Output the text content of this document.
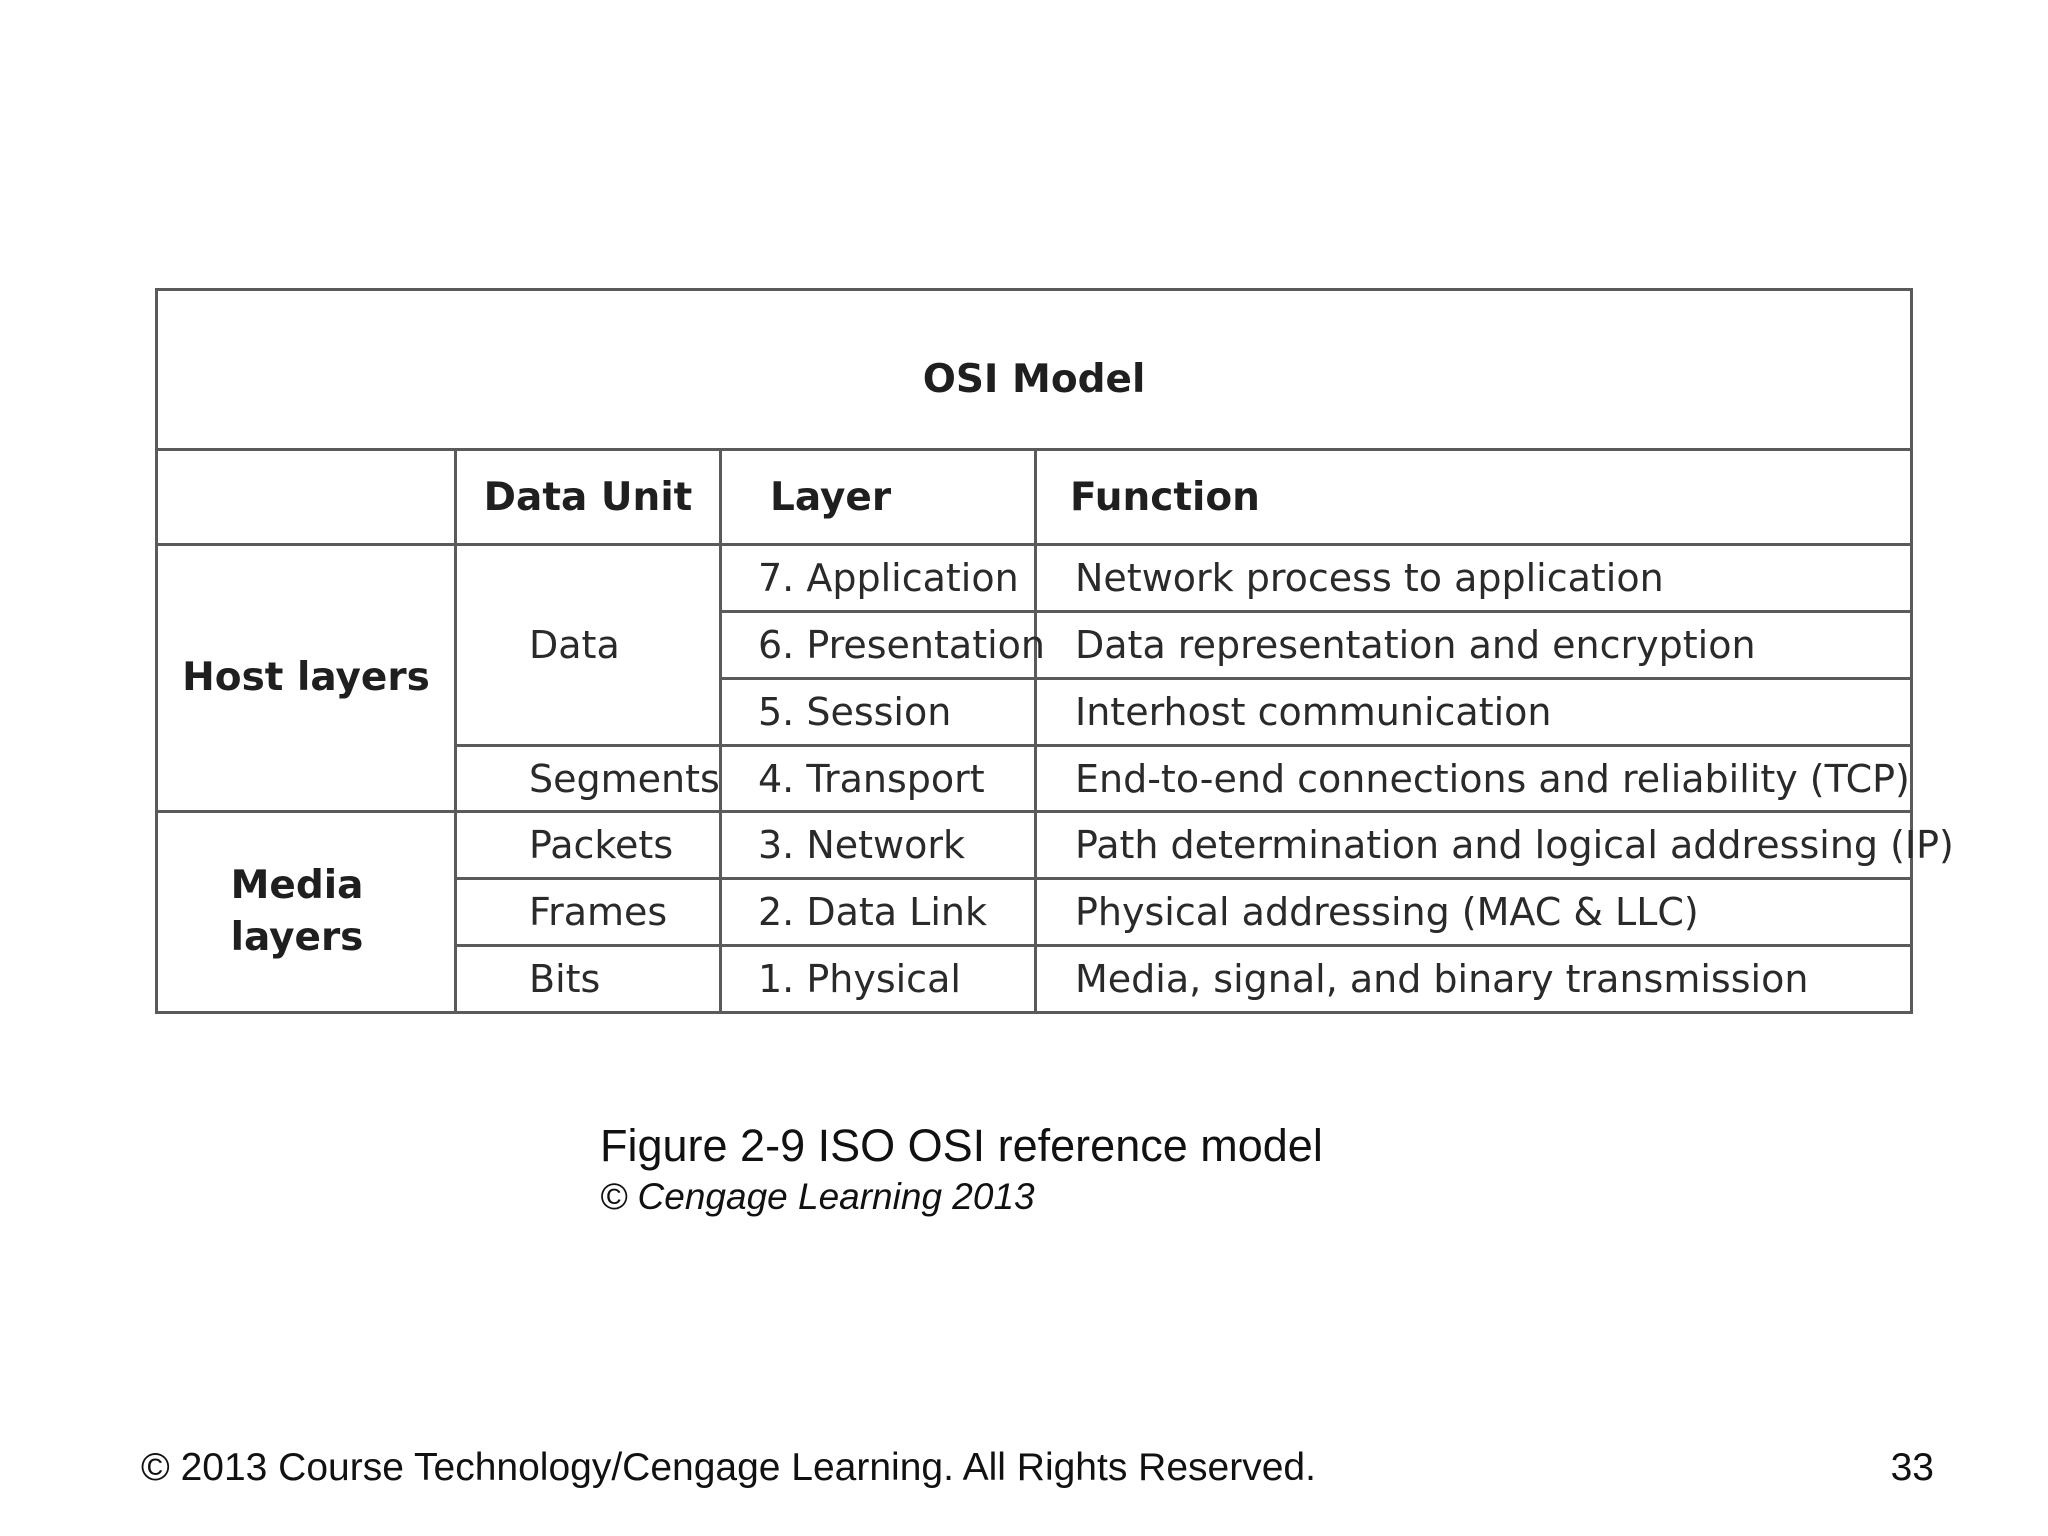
OSI Model			
	Data Unit	Layer	Function
Host layers	Data	7. Application	Network process to application
		6. Presentation	Data representation and encryption
		5. Session	Interhost communication
	Segments	4. Transport	End-to-end connections and reliability (TCP)
Media
layers	Packets	3. Network	Path determination and logical addressing (IP)
	Frames	2. Data Link	Physical addressing (MAC & LLC)
	Bits	1. Physical	Media, signal, and binary transmission
Figure 2-9 ISO OSI reference model
© Cengage Learning 2013
© 2013 Course Technology/Cengage Learning. All Rights Reserved.	33
